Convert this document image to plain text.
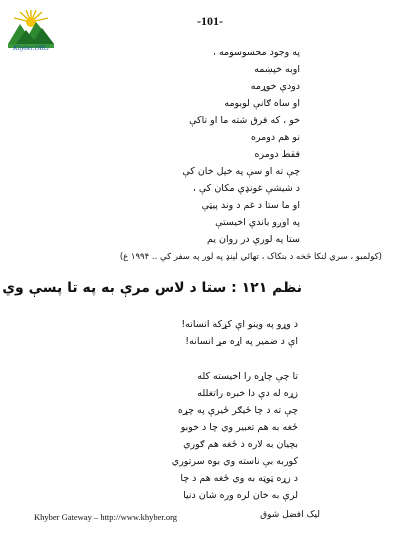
Khyber.ORG
-101-
په وجود محسوسومه ،
اوبه خپښمه
دودې خوړمه
او ساه ګانې لوبومه
خو ، که فرق شته ما او تاکې
نو هم دومره
فقط دومره
چې ته او سې په خپل خان کې
د شيشې غونډې مکان کې ،
او ما ستا د غم د وند پيټې
په اوږو باندې اخيستې
ستا په لورې در روان يم
(کولمبو ، سري لنکا څخه د بنکاک ، تهائي لېنډ په لور په سفر کې .. ۱۹۹۴ ع)
نظم ۱۲۱ : ستا د لاس مرې به په تا پسې وي
د وړو په وينو اې کړکه انسانه!
اې د ضمير په اړه مړ انسانه!
تا چې چاړه را اخيسته کله
زړه له دې دا خبره راتغلله
چې ته د چا ځيګر ځيرې په چړه
ځغه به هم تعبير وي چا د خوبو
بچيان به لاره د ځغه هم ګوري
کوربه بې ناسته وي بوه سرتوري
د زړه ټوټه به وي ځغه هم د چا
لرې به خان لره وره شان دنيا
Khyber Gateway – http://www.khyber.org	ليک افضل شوق
